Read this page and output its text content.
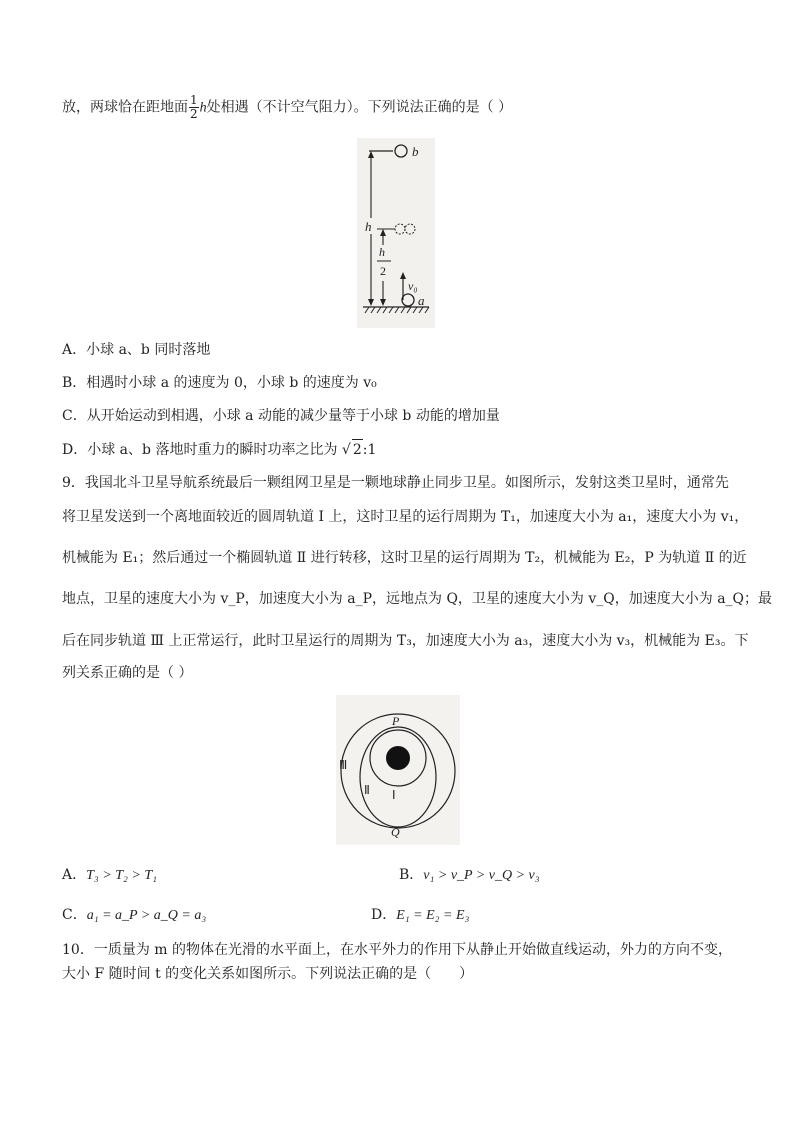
放，两球恰在距地面 $\frac{1}{2}$ h处相遇（不计空气阻力）。下列说法正确的是（ ）
b
h
h
2
v₀
a
A．小球 a、b 同时落地
B．相遇时小球 a 的速度为 0，小球 b 的速度为 v₀
C．从开始运动到相遇，小球 a 动能的减少量等于小球 b 动能的增加量
D．小球 a、b 落地时重力的瞬时功率之比为 √ 2:1
9．我国北斗卫星导航系统最后一颗组网卫星是一颗地球静止同步卫星。如图所示，发射这类卫星时，通常先
将卫星发送到一个离地面较近的圆周轨道 Ⅰ 上，这时卫星的运行周期为 T₁，加速度大小为 a₁，速度大小为 v₁，
机械能为 E₁；然后通过一个椭圆轨道 Ⅱ 进行转移，这时卫星的运行周期为 T₂，机械能为 E₂，P 为轨道 Ⅱ 的近
地点，卫星的速度大小为 v_P，加速度大小为 a_P，远地点为 Q，卫星的速度大小为 v_Q，加速度大小为 a_Q；最
后在同步轨道 Ⅲ 上正常运行，此时卫星运行的周期为 T₃，加速度大小为 a₃，速度大小为 v₃，机械能为 E₃。下
列关系正确的是（ ）
P
Q
Ⅰ
Ⅱ
Ⅲ
A．T₃ > T₂ > T₁	B．v₁ > v_P > v_Q > v₃
C．a₁ = a_P > a_Q = a₃	D．E₁ = E₂ = E₃
10．一质量为 m 的物体在光滑的水平面上，在水平外力的作用下从静止开始做直线运动，外力的方向不变，
大小 F 随时间 t 的变化关系如图所示。下列说法正确的是（　　）
